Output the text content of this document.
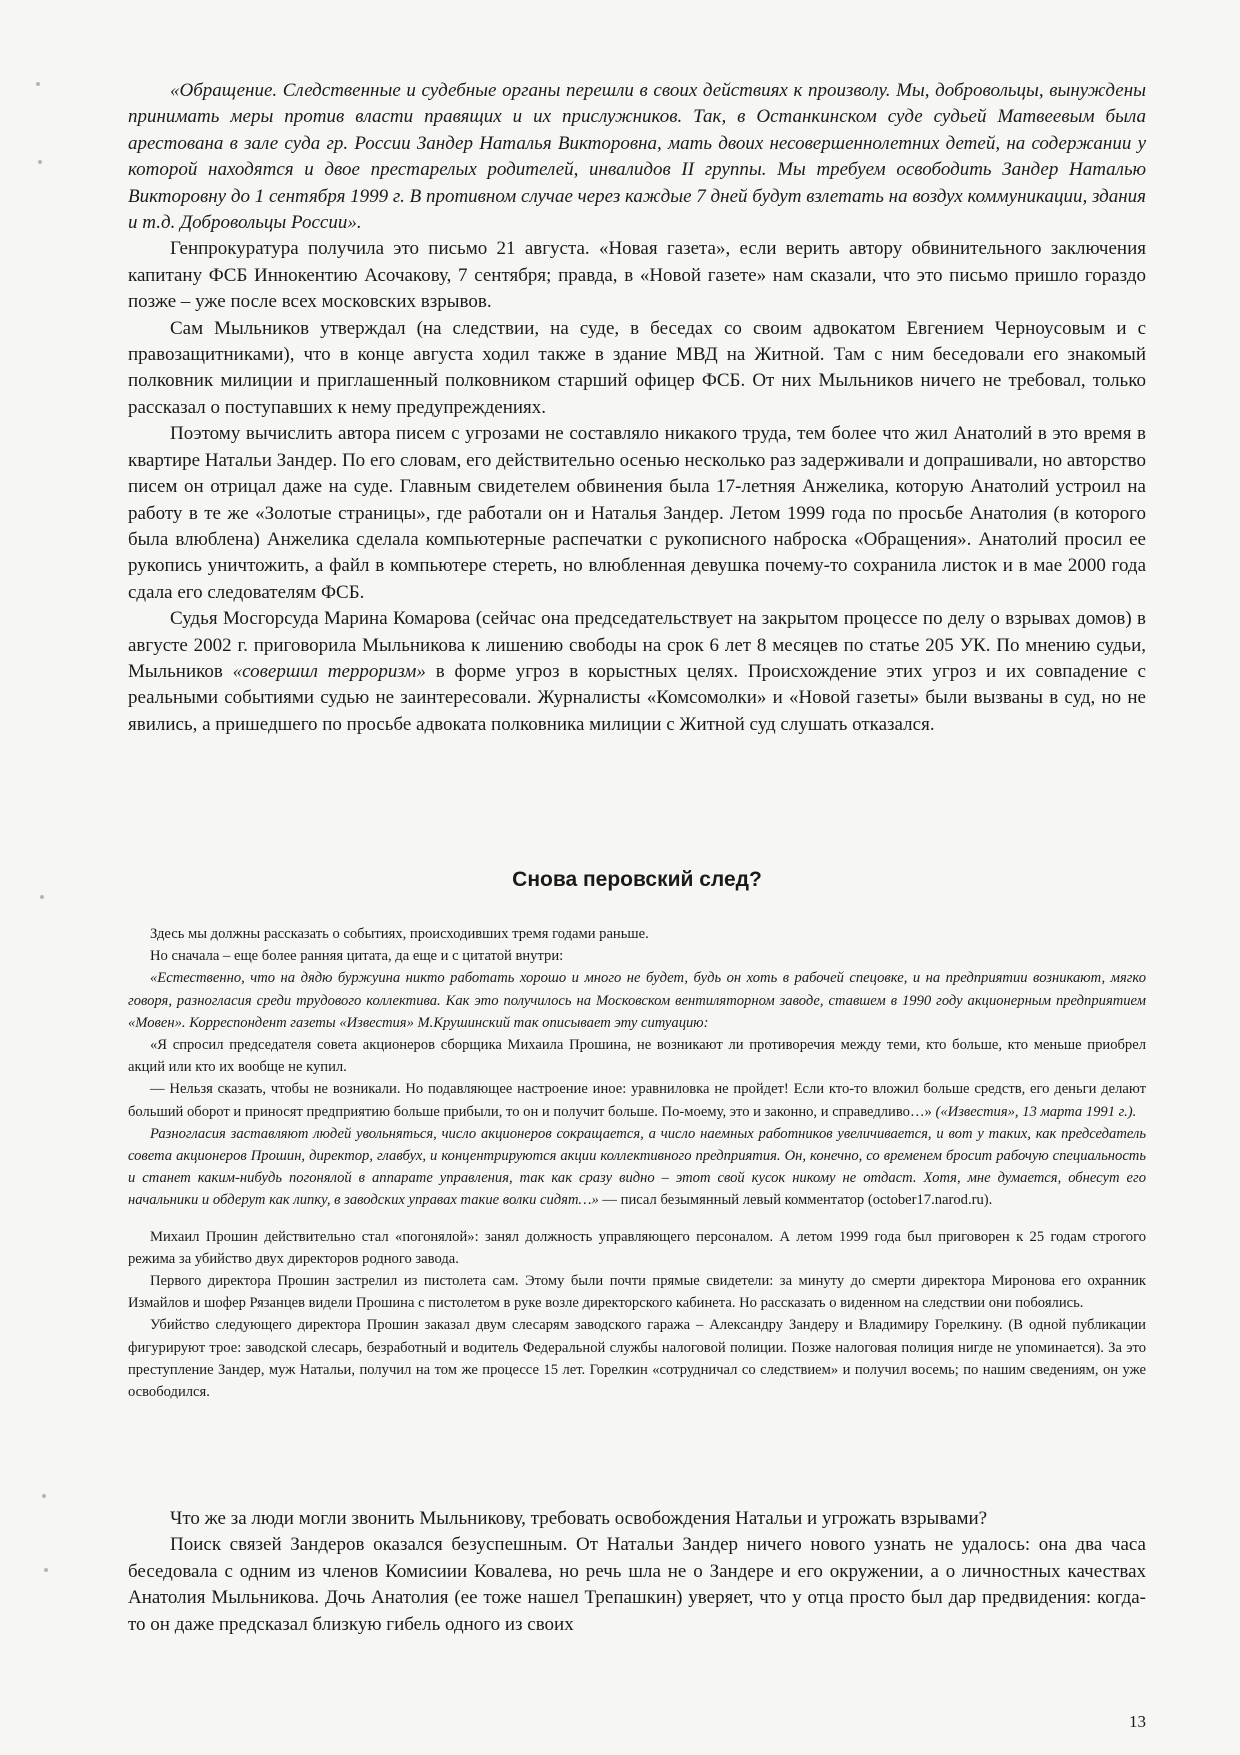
«Обращение. Следственные и судебные органы перешли в своих действиях к произволу. Мы, добровольцы, вынуждены принимать меры против власти правящих и их прислужников. Так, в Останкинском суде судьей Матвеевым была арестована в зале суда гр. России Зандер Наталья Викторовна, мать двоих несовершеннолетних детей, на содержании у которой находятся и двое престарелых родителей, инвалидов II группы. Мы требуем освободить Зандер Наталью Викторовну до 1 сентября 1999 г. В противном случае через каждые 7 дней будут взлетать на воздух коммуникации, здания и т.д. Добровольцы России».

Генпрокуратура получила это письмо 21 августа. «Новая газета», если верить автору обвинительного заключения капитану ФСБ Иннокентию Асочакову, 7 сентября; правда, в «Новой газете» нам сказали, что это письмо пришло гораздо позже – уже после всех московских взрывов.

Сам Мыльников утверждал (на следствии, на суде, в беседах со своим адвокатом Евгением Черноусовым и с правозащитниками), что в конце августа ходил также в здание МВД на Житной. Там с ним беседовали его знакомый полковник милиции и приглашенный полковником старший офицер ФСБ. От них Мыльников ничего не требовал, только рассказал о поступавших к нему предупреждениях.

Поэтому вычислить автора писем с угрозами не составляло никакого труда, тем более что жил Анатолий в это время в квартире Натальи Зандер. По его словам, его действительно осенью несколько раз задерживали и допрашивали, но авторство писем он отрицал даже на суде. Главным свидетелем обвинения была 17-летняя Анжелика, которую Анатолий устроил на работу в те же «Золотые страницы», где работали он и Наталья Зандер. Летом 1999 года по просьбе Анатолия (в которого была влюблена) Анжелика сделала компьютерные распечатки с рукописного наброска «Обращения». Анатолий просил ее рукопись уничтожить, а файл в компьютере стереть, но влюбленная девушка почему-то сохранила листок и в мае 2000 года сдала его следователям ФСБ.

Судья Мосгорсуда Марина Комарова (сейчас она председательствует на закрытом процессе по делу о взрывах домов) в августе 2002 г. приговорила Мыльникова к лишению свободы на срок 6 лет 8 месяцев по статье 205 УК. По мнению судьи, Мыльников «совершил терроризм» в форме угроз в корыстных целях. Происхождение этих угроз и их совпадение с реальными событиями судью не заинтересовали. Журналисты «Комсомолки» и «Новой газеты» были вызваны в суд, но не явились, а пришедшего по просьбе адвоката полковника милиции с Житной суд слушать отказался.

Снова перовский след?

Здесь мы должны рассказать о событиях, происходивших тремя годами раньше.

Но сначала – еще более ранняя цитата, да еще и с цитатой внутри:

«Естественно, что на дядю буржуина никто работать хорошо и много не будет, будь он хоть в рабочей спецовке, и на предприятии возникают, мягко говоря, разногласия среди трудового коллектива. Как это получилось на Московском вентиляторном заводе, ставшем в 1990 году акционерным предприятием «Мовен». Корреспондент газеты «Известия» М.Крушинский так описывает эту ситуацию:

«Я спросил председателя совета акционеров сборщика Михаила Прошина, не возникают ли противоречия между теми, кто больше, кто меньше приобрел акций или кто их вообще не купил.

— Нельзя сказать, чтобы не возникали. Но подавляющее настроение иное: уравниловка не пройдет! Если кто-то вложил больше средств, его деньги делают больший оборот и приносят предприятию больше прибыли, то он и получит больше. По-моему, это и законно, и справедливо…» («Известия», 13 марта 1991 г.).

Разногласия заставляют людей увольняться, число акционеров сокращается, а число наемных работников увеличивается, и вот у таких, как председатель совета акционеров Прошин, директор, главбух, и концентрируются акции коллективного предприятия. Он, конечно, со временем бросит рабочую специальность и станет каким-нибудь погонялой в аппарате управления, так как сразу видно – этот свой кусок никому не отдаст. Хотя, мне думается, обнесут его начальники и обдерут как липку, в заводских управах такие волки сидят…» — писал безымянный левый комментатор (october17.narod.ru).

Михаил Прошин действительно стал «погонялой»: занял должность управляющего персоналом. А летом 1999 года был приговорен к 25 годам строгого режима за убийство двух директоров родного завода.

Первого директора Прошин застрелил из пистолета сам. Этому были почти прямые свидетели: за минуту до смерти директора Миронова его охранник Измайлов и шофер Рязанцев видели Прошина с пистолетом в руке возле директорского кабинета. Но рассказать о виденном на следствии они побоялись.

Убийство следующего директора Прошин заказал двум слесарям заводского гаража – Александру Зандеру и Владимиру Горелкину. (В одной публикации фигурируют трое: заводской слесарь, безработный и водитель Федеральной службы налоговой полиции. Позже налоговая полиция нигде не упоминается). За это преступление Зандер, муж Натальи, получил на том же процессе 15 лет. Горелкин «сотрудничал со следствием» и получил восемь; по нашим сведениям, он уже освободился.

Что же за люди могли звонить Мыльникову, требовать освобождения Натальи и угрожать взрывами?

Поиск связей Зандеров оказался безуспешным. От Натальи Зандер ничего нового узнать не удалось: она два часа беседовала с одним из членов Комисиии Ковалева, но речь шла не о Зандере и его окружении, а о личностных качествах Анатолия Мыльникова. Дочь Анатолия (ее тоже нашел Трепашкин) уверяет, что у отца просто был дар предвидения: когда-то он даже предсказал близкую гибель одного из своих

13
